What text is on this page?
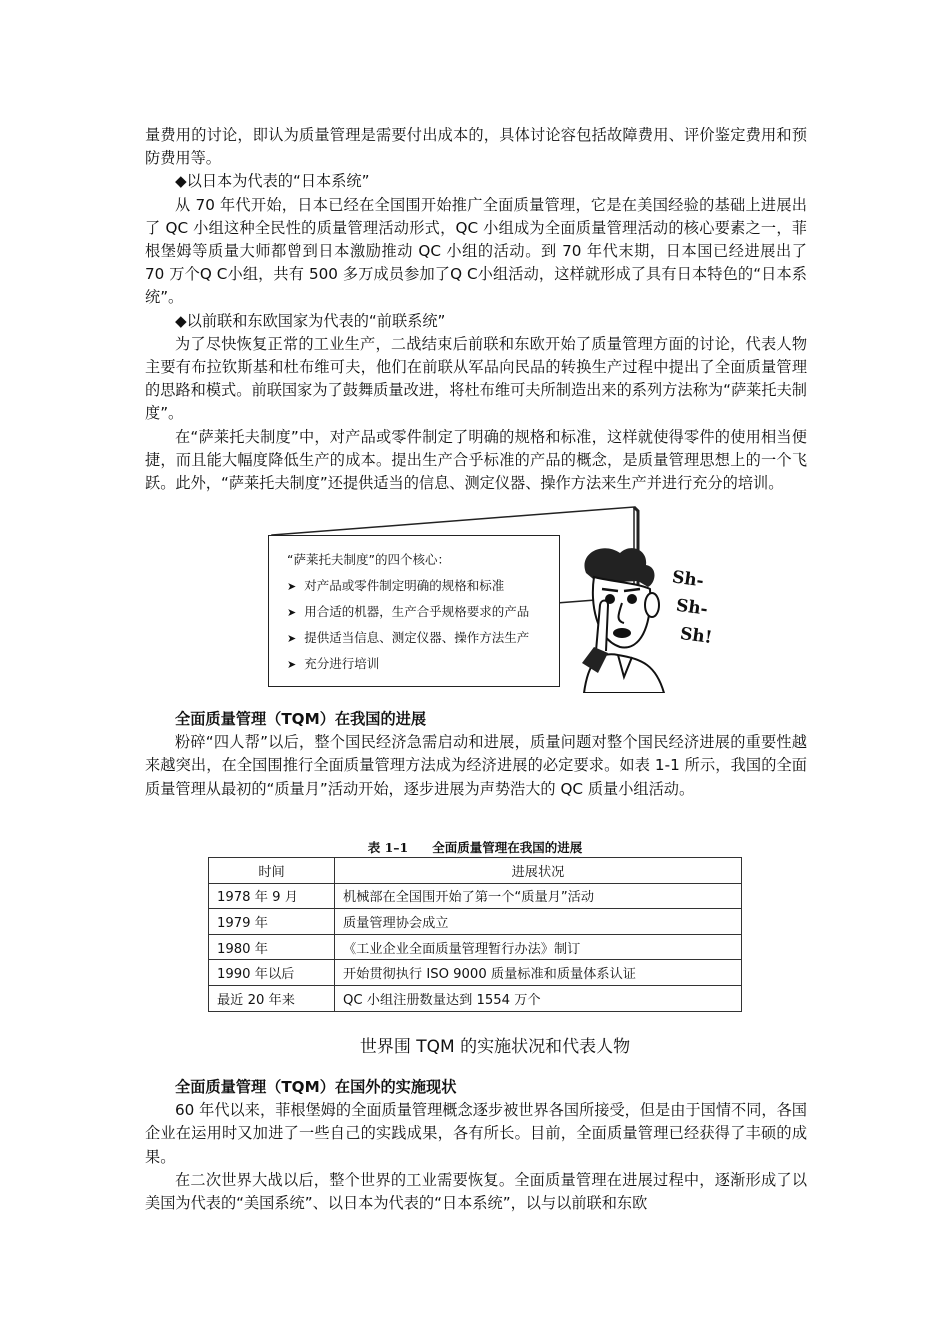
量费用的讨论，即认为质量管理是需要付出成本的，具体讨论容包括故障费用、评价鉴定费用和预防费用等。

◆以日本为代表的“日本系统”

从 70 年代开始，日本已经在全国围开始推广全面质量管理，它是在美国经验的基础上进展出了 QC 小组这种全民性的质量管理活动形式，QC 小组成为全面质量管理活动的核心要素之一，菲根堡姆等质量大师都曾到日本激励推动 QC 小组的活动。到 70 年代末期，日本国已经进展出了 70 万个Q C小组，共有 500 多万成员参加了Q C小组活动，这样就形成了具有日本特色的“日本系统”。

◆以前联和东欧国家为代表的“前联系统”

为了尽快恢复正常的工业生产，二战结束后前联和东欧开始了质量管理方面的讨论，代表人物主要有布拉钦斯基和杜布维可夫，他们在前联从军品向民品的转换生产过程中提出了全面质量管理的思路和模式。前联国家为了鼓舞质量改进，将杜布维可夫所制造出来的系列方法称为“萨莱托夫制度”。

在“萨莱托夫制度”中，对产品或零件制定了明确的规格和标准，这样就使得零件的使用相当便捷，而且能大幅度降低生产的成本。提出生产合乎标准的产品的概念，是质量管理思想上的一个飞跃。此外，“萨莱托夫制度”还提供适当的信息、测定仪器、操作方法来生产并进行充分的培训。

“萨莱托夫制度”的四个核心：
➤ 对产品或零件制定明确的规格和标准
➤ 用合适的机器，生产合乎规格要求的产品
➤ 提供适当信息、测定仪器、操作方法生产
➤ 充分进行培训
Sh-
Sh-
Sh!

全面质量管理（TQM）在我国的进展

粉碎“四人帮”以后，整个国民经济急需启动和进展，质量问题对整个国民经济进展的重要性越来越突出，在全国围推行全面质量管理方法成为经济进展的必定要求。如表 1-1 所示，我国的全面质量管理从最初的“质量月”活动开始，逐步进展为声势浩大的 QC 质量小组活动。

表 1–1 全面质量管理在我国的进展
时间	进展状况
1978 年 9 月	机械部在全国围开始了第一个“质量月”活动
1979 年	质量管理协会成立
1980 年	《工业企业全面质量管理暂行办法》制订
1990 年以后	开始贯彻执行 ISO 9000 质量标准和质量体系认证
最近 20 年来	QC 小组注册数量达到 1554 万个
世界围 TQM 的实施状况和代表人物

全面质量管理（TQM）在国外的实施现状

60 年代以来，菲根堡姆的全面质量管理概念逐步被世界各国所接受，但是由于国情不同，各国企业在运用时又加进了一些自己的实践成果，各有所长。目前，全面质量管理已经获得了丰硕的成果。

在二次世界大战以后，整个世界的工业需要恢复。全面质量管理在进展过程中，逐渐形成了以美国为代表的“美国系统”、以日本为代表的“日本系统”，以与以前联和东欧
